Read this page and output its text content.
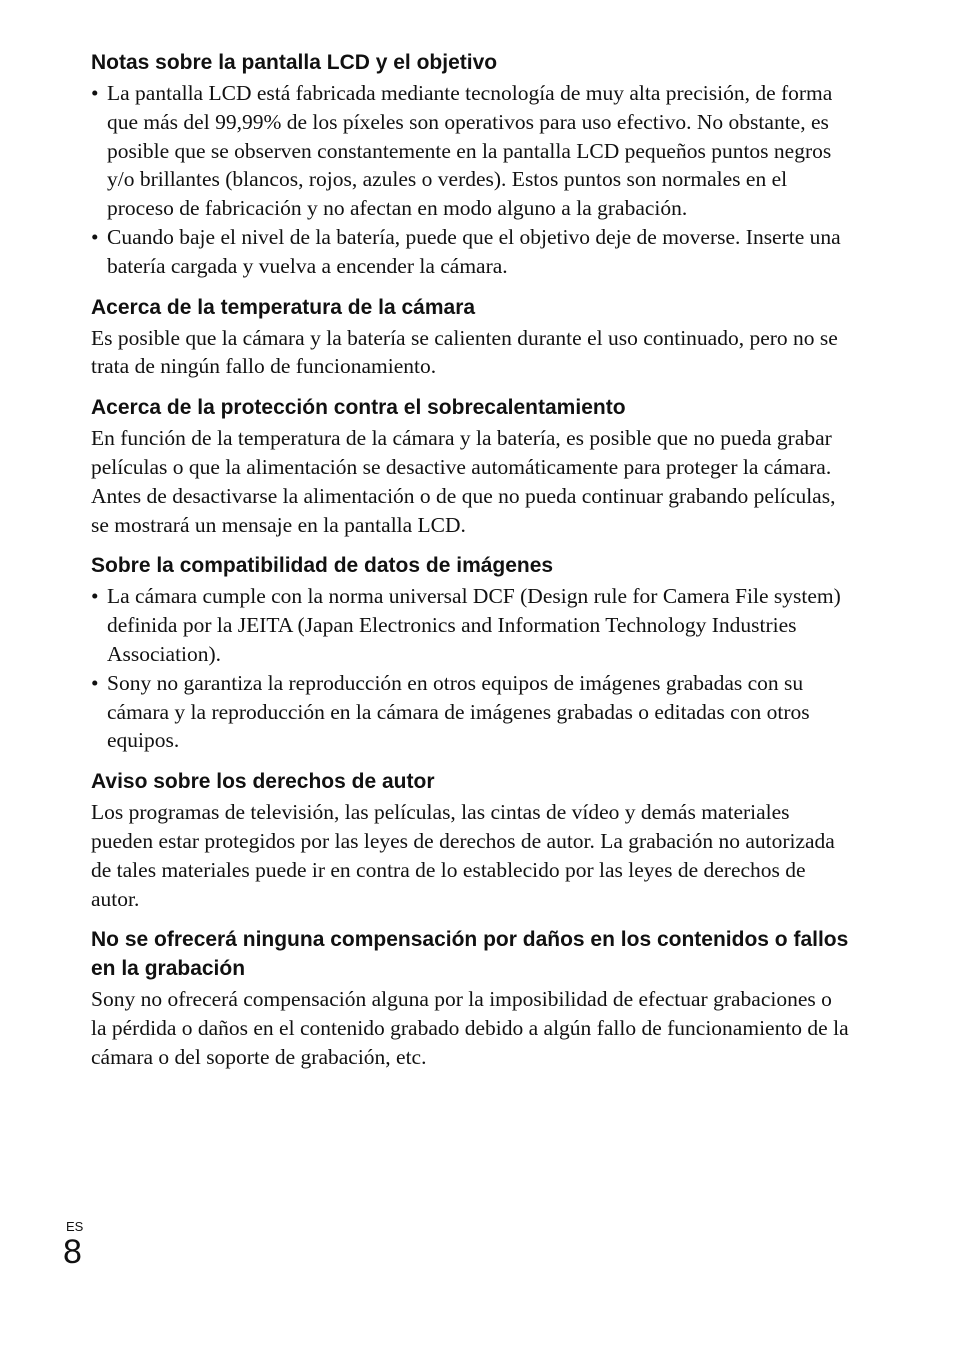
Notas sobre la pantalla LCD y el objetivo
• La pantalla LCD está fabricada mediante tecnología de muy alta precisión, de forma que más del 99,99% de los píxeles son operativos para uso efectivo. No obstante, es posible que se observen constantemente en la pantalla LCD pequeños puntos negros y/o brillantes (blancos, rojos, azules o verdes). Estos puntos son normales en el proceso de fabricación y no afectan en modo alguno a la grabación.
• Cuando baje el nivel de la batería, puede que el objetivo deje de moverse. Inserte una batería cargada y vuelva a encender la cámara.
Acerca de la temperatura de la cámara

Es posible que la cámara y la batería se calienten durante el uso continuado, pero no se trata de ningún fallo de funcionamiento.

Acerca de la protección contra el sobrecalentamiento

En función de la temperatura de la cámara y la batería, es posible que no pueda grabar películas o que la alimentación se desactive automáticamente para proteger la cámara.

Antes de desactivarse la alimentación o de que no pueda continuar grabando películas, se mostrará un mensaje en la pantalla LCD.

Sobre la compatibilidad de datos de imágenes
• La cámara cumple con la norma universal DCF (Design rule for Camera File system) definida por la JEITA (Japan Electronics and Information Technology Industries Association).
• Sony no garantiza la reproducción en otros equipos de imágenes grabadas con su cámara y la reproducción en la cámara de imágenes grabadas o editadas con otros equipos.
Aviso sobre los derechos de autor

Los programas de televisión, las películas, las cintas de vídeo y demás materiales pueden estar protegidos por las leyes de derechos de autor. La grabación no autorizada de tales materiales puede ir en contra de lo establecido por las leyes de derechos de autor.

No se ofrecerá ninguna compensación por daños en los contenidos o fallos en la grabación

Sony no ofrecerá compensación alguna por la imposibilidad de efectuar grabaciones o la pérdida o daños en el contenido grabado debido a algún fallo de funcionamiento de la cámara o del soporte de grabación, etc.

ES
8
